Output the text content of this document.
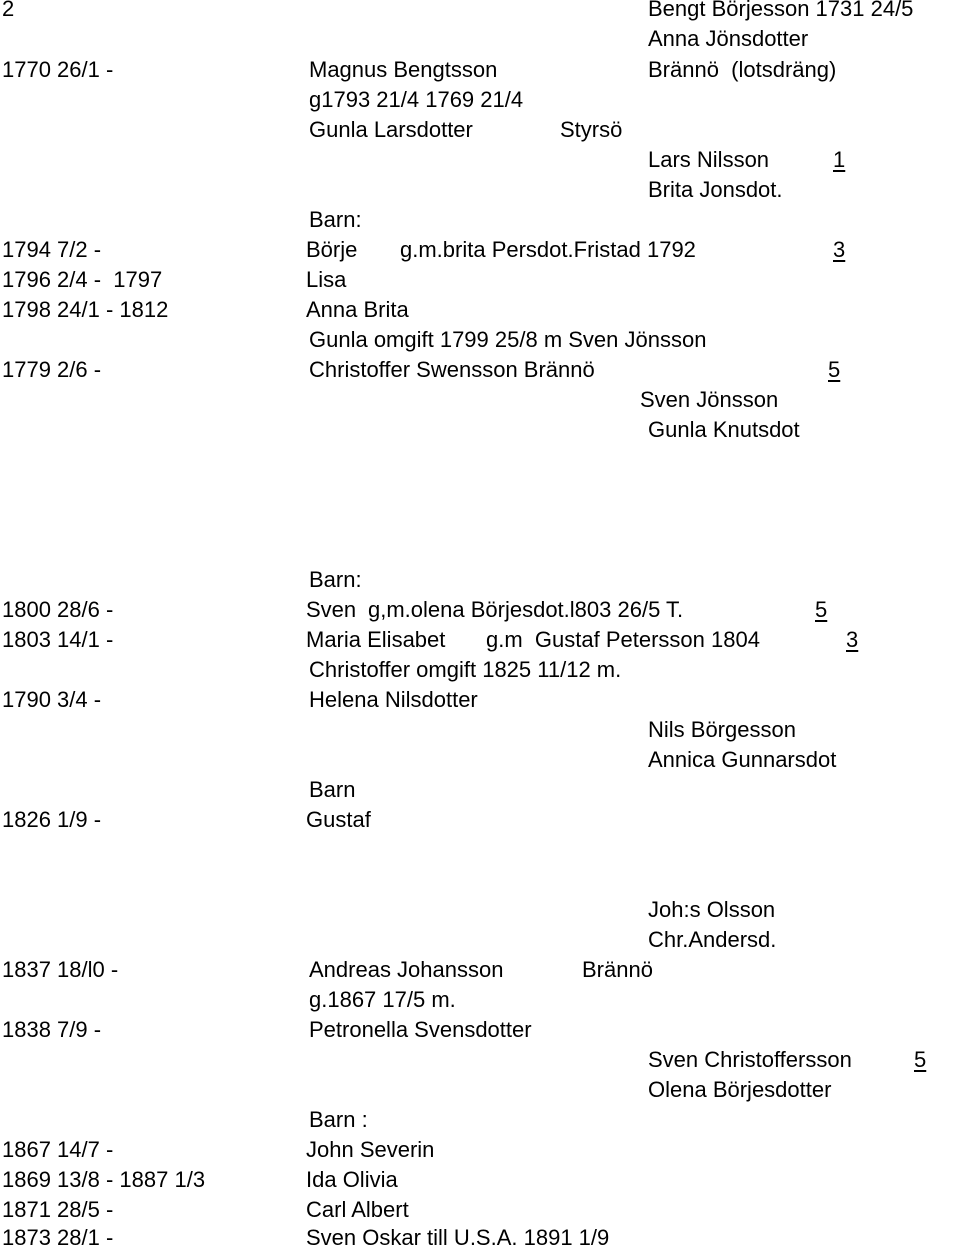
2	Bengt Börjesson 1731 24/5
Anna Jönsdotter
1770 26/1 -	Magnus Bengtsson	Brännö  (lotsdräng)
g1793 21/4 1769 21/4
Gunla Larsdotter	Styrsö
Lars Nilsson	1
Brita Jonsdot.
Barn:
1794 7/2 -	Börje g.m.brita Persdot.Fristad 1792	3
1796 2/4 -  1797	Lisa
1798 24/1 - 1812	Anna Brita
Gunla omgift 1799 25/8 m Sven Jönsson
1779 2/6 -	Christoffer Swensson Brännö	5
Sven Jönsson
Gunla Knutsdot
Barn:
1800 28/6 -	Sven g,m.olena Börjesdot.l803 26/5 T.	5
1803 14/1 -	Maria Elisabet g.m  Gustaf Petersson 1804	3
Christoffer omgift 1825 11/12 m.
1790 3/4 -	Helena Nilsdotter
Nils Börgesson
Annica Gunnarsdot
Barn
1826 1/9 -	Gustaf
Joh:s Olsson
Chr.Andersd.
1837 18/l0 -	Andreas Johansson	Brännö
g.1867 17/5 m.
1838 7/9 -	Petronella Svensdotter
Sven Christoffersson	5
Olena Börjesdotter
Barn :
1867 14/7 -	John Severin
1869 13/8 - 1887 1/3	Ida Olivia
1871 28/5 -	Carl Albert
1873 28/1 -	Sven Oskar till U.S.A. 1891 1/9
